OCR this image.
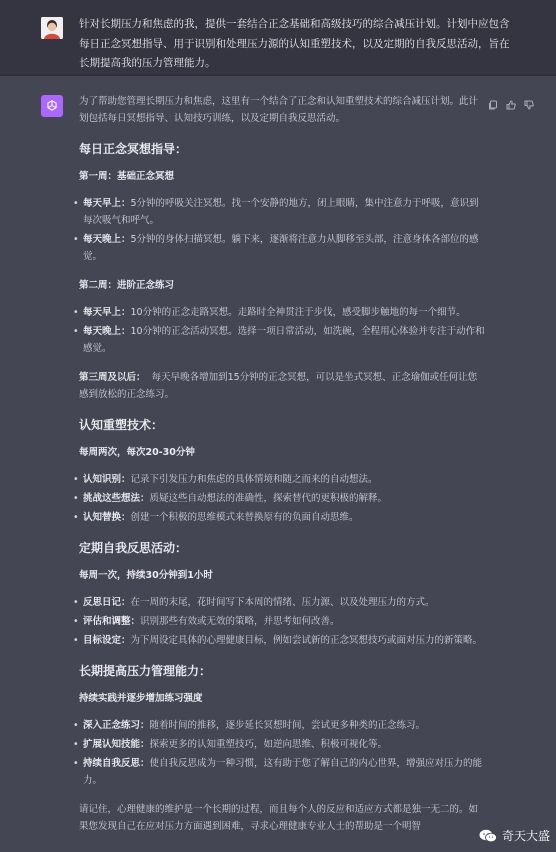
针对长期压力和焦虑的我，提供一套结合正念基础和高级技巧的综合减压计划。计划中应包含每日正念冥想指导、用于识别和处理压力源的认知重塑技术，以及定期的自我反思活动，旨在长期提高我的压力管理能力。
为了帮助您管理长期压力和焦虑，这里有一个结合了正念和认知重塑技术的综合减压计划。此计划包括每日冥想指导、认知技巧训练，以及定期自我反思活动。
每日正念冥想指导：
第一周：基础正念冥想
• 每天早上：5分钟的呼吸关注冥想。找一个安静的地方，闭上眼睛，集中注意力于呼吸，意识到每次吸气和呼气。
• 每天晚上：5分钟的身体扫描冥想。躺下来，逐渐将注意力从脚移至头部，注意身体各部位的感觉。
第二周：进阶正念练习
• 每天早上：10分钟的正念走路冥想。走路时全神贯注于步伐，感受脚步触地的每一个细节。
• 每天晚上：10分钟的正念活动冥想。选择一项日常活动，如洗碗，全程用心体验并专注于动作和感觉。
第三周及以后： 每天早晚各增加到15分钟的正念冥想，可以是坐式冥想、正念瑜伽或任何让您感到放松的正念练习。
认知重塑技术：
每周两次，每次20-30分钟
• 认知识别：记录下引发压力和焦虑的具体情境和随之而来的自动想法。
• 挑战这些想法：质疑这些自动想法的准确性，探索替代的更积极的解释。
• 认知替换：创建一个积极的思维模式来替换原有的负面自动思维。
定期自我反思活动：
每周一次，持续30分钟到1小时
• 反思日记：在一周的末尾，花时间写下本周的情绪、压力源、以及处理压力的方式。
• 评估和调整：识别那些有效或无效的策略，并思考如何改善。
• 目标设定：为下周设定具体的心理健康目标，例如尝试新的正念冥想技巧或面对压力的新策略。
长期提高压力管理能力：
持续实践并逐步增加练习强度
• 深入正念练习：随着时间的推移，逐步延长冥想时间，尝试更多种类的正念练习。
• 扩展认知技能：探索更多的认知重塑技巧，如逆向思维、积极可视化等。
• 持续自我反思：使自我反思成为一种习惯，这有助于您了解自己的内心世界，增强应对压力的能力。
请记住，心理健康的维护是一个长期的过程，而且每个人的反应和适应方式都是独一无二的。如果您发现自己在应对压力方面遇到困难，寻求心理健康专业人士的帮助是一个明智
奇天大盛
